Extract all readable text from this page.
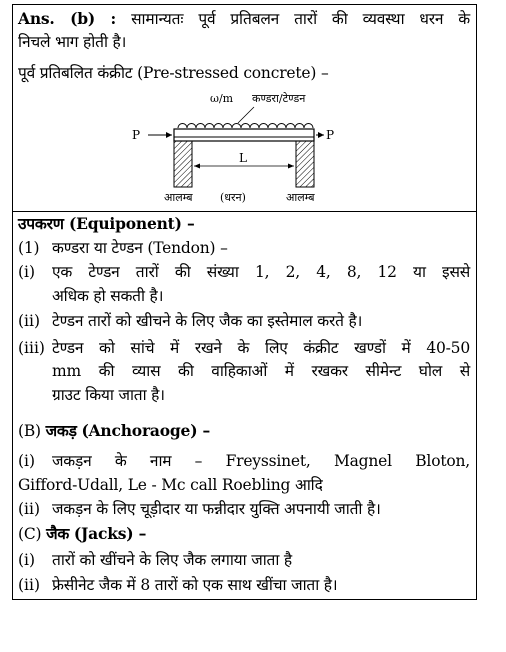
Ans. (b) : सामान्यतः पूर्व प्रतिबलन तारों की व्यवस्था धरन के
निचले भाग होती है।
पूर्व प्रतिबलित कंक्रीट (Pre-stressed concrete) –
ω/m कण्डरा/टेण्डन
P	P
L
आलम्ब (धरन)	आलम्ब
उपकरण (Equiponent) –
(1) कण्डरा या टेण्डन (Tendon) –
(i) एक टेण्डन तारों की संख्या 1, 2, 4, 8, 12 या इससे
अधिक हो सकती है।
(ii) टेण्डन तारों को खीचने के लिए जैक का इस्तेमाल करते है।
(iii) टेण्डन को सांचे में रखने के लिए कंक्रीट खण्डों में 40-50
mm की व्यास की वाहिकाओं में रखकर सीमेन्ट घोल से
ग्राउट किया जाता है।
(B) जकड़ (Anchoraoge) –
(i) जकड़न के नाम – Freyssinet, Magnel Bloton,
Gifford-Udall, Le - Mc call Roebling आदि
(ii) जकड़न के लिए चूड़ीदार या फन्नीदार युक्ति अपनायी जाती है।
(C) जैक (Jacks) –
(i) तारों को खींचने के लिए जैक लगाया जाता है
(ii) फ्रेसीनेट जैक में 8 तारों को एक साथ खींचा जाता है।
